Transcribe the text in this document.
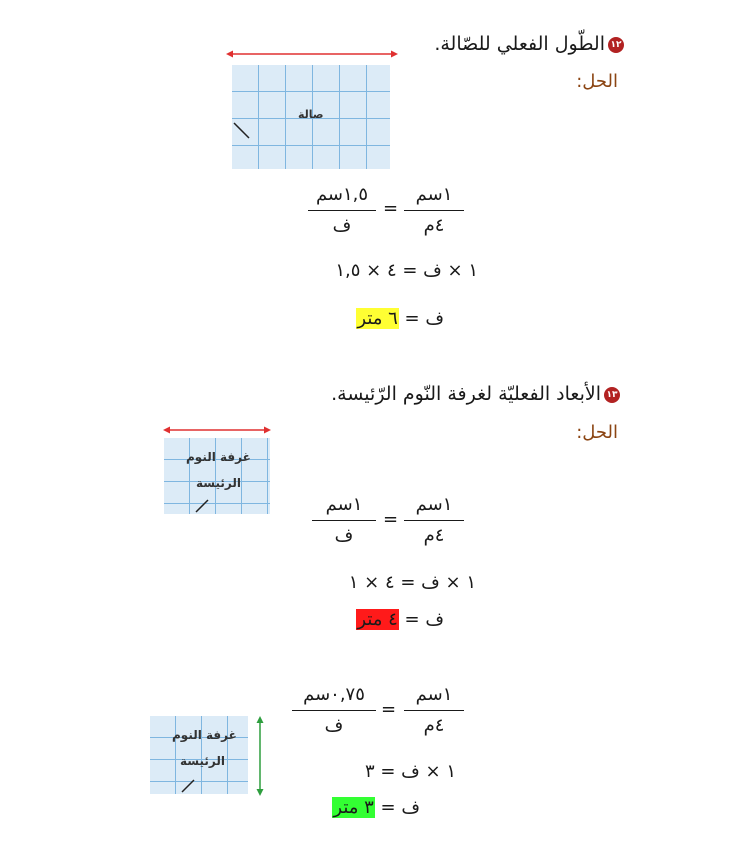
١٢الطّول الفعلي للصّالة.
الحل:
صالة
١,٥سم
ف
=
١سم
٤م
١ × ف = ٤ × ١,٥
ف = ٦ متر
١٣الأبعاد الفعليّة لغرفة النّوم الرّئيسة.
الحل:
غرفة النوم
الرئيسة
١سم
ف
=
١سم
٤م
١ × ف = ٤ × ١
ف = ٤ متر
٠,٧٥سم
ف
=
١سم
٤م
غرفة النوم
الرئيسة	١ × ف = ٣
ف = ٣ متر
